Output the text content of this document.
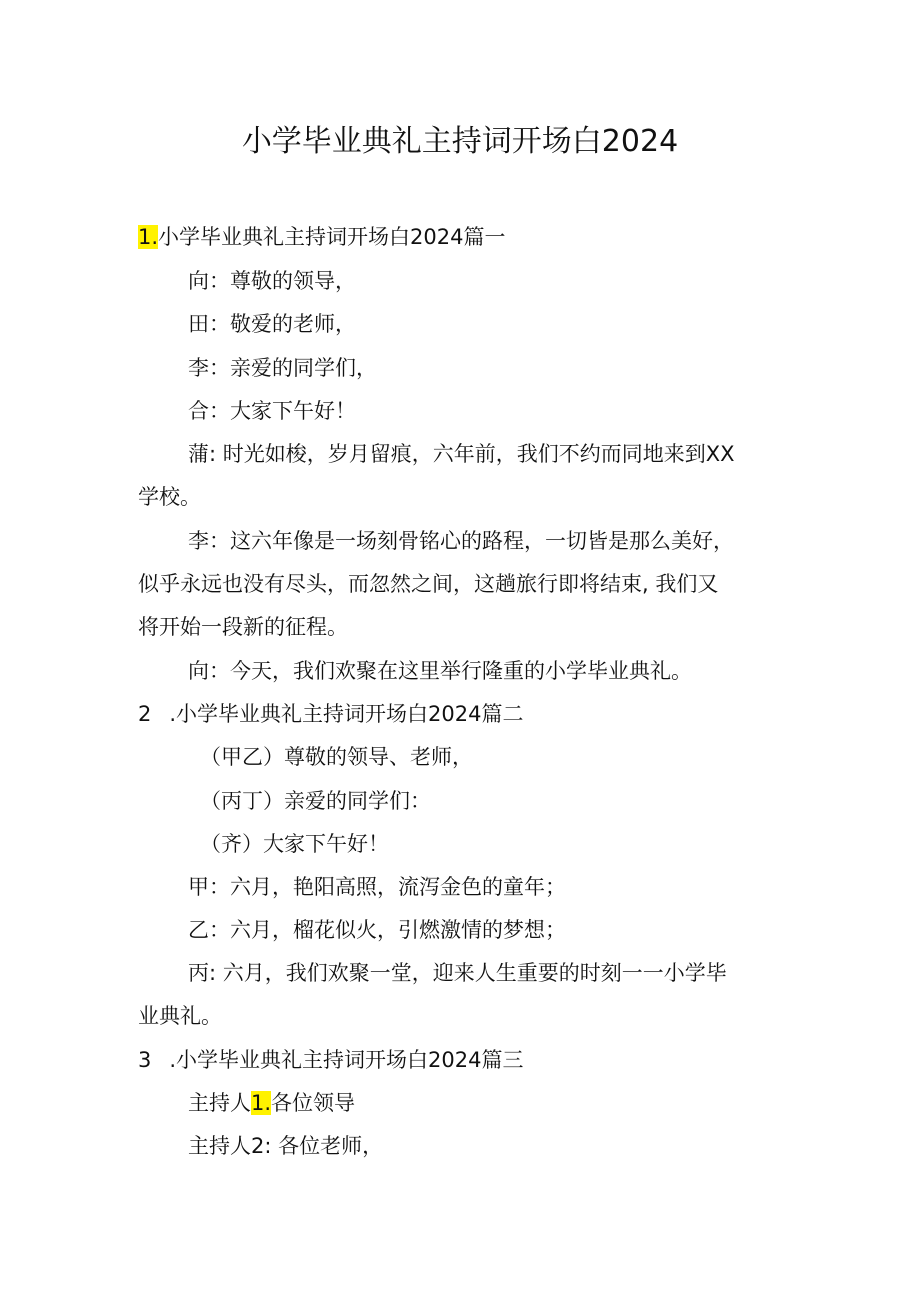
小学毕业典礼主持词开场白2024
1.小学毕业典礼主持词开场白2024篇一
向：尊敬的领导，
田：敬爱的老师，
李：亲爱的同学们，
合：大家下午好！
蒲: 时光如梭，岁月留痕，六年前，我们不约而同地来到XX
学校。
李：这六年像是一场刻骨铭心的路程，一切皆是那么美好，
似乎永远也没有尽头，而忽然之间，这趟旅行即将结束, 我们又
将开始一段新的征程。
向：今天，我们欢聚在这里举行隆重的小学毕业典礼。
2 .小学毕业典礼主持词开场白2024篇二
（甲乙）尊敬的领导、老师，
（丙丁）亲爱的同学们：
（齐）大家下午好！
甲：六月，艳阳高照，流泻金色的童年；
乙：六月，榴花似火，引燃激情的梦想；
丙: 六月，我们欢聚一堂，迎来人生重要的时刻一一小学毕
业典礼。
3 .小学毕业典礼主持词开场白2024篇三
主持人1.各位领导
主持人2: 各位老师，
